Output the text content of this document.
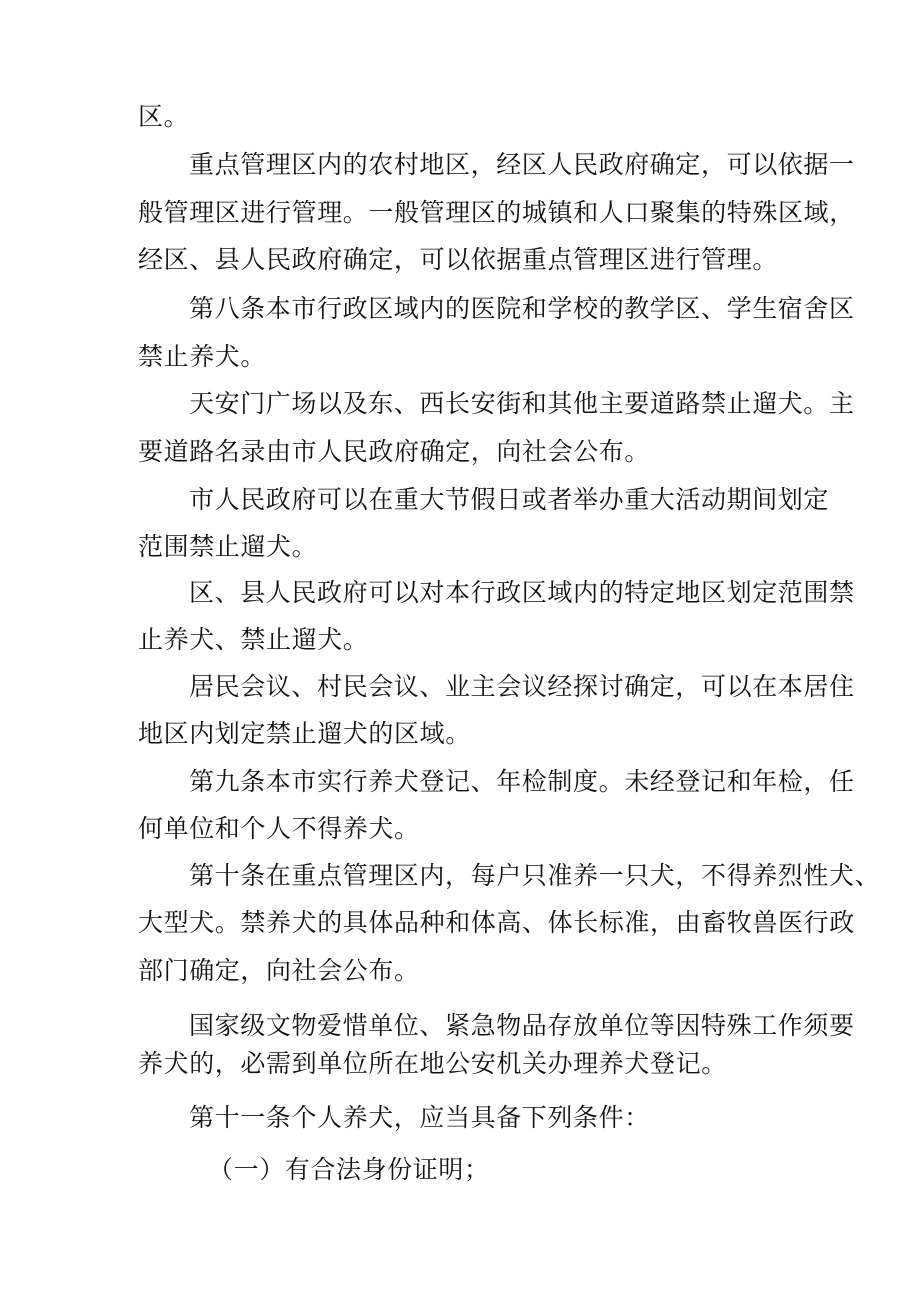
区。
重点管理区内的农村地区，经区人民政府确定，可以依据一
般管理区进行管理。一般管理区的城镇和人口聚集的特殊区域，
经区、县人民政府确定，可以依据重点管理区进行管理。
第八条本市行政区域内的医院和学校的教学区、学生宿舍区
禁止养犬。
天安门广场以及东、西长安街和其他主要道路禁止遛犬。主
要道路名录由市人民政府确定，向社会公布。
市人民政府可以在重大节假日或者举办重大活动期间划定
范围禁止遛犬。
区、县人民政府可以对本行政区域内的特定地区划定范围禁
止养犬、禁止遛犬。
居民会议、村民会议、业主会议经探讨确定，可以在本居住
地区内划定禁止遛犬的区域。
第九条本市实行养犬登记、年检制度。未经登记和年检，任
何单位和个人不得养犬。
第十条在重点管理区内，每户只准养一只犬，不得养烈性犬、
大型犬。禁养犬的具体品种和体高、体长标准，由畜牧兽医行政
部门确定，向社会公布。
国家级文物爱惜单位、紧急物品存放单位等因特殊工作须要
养犬的，必需到单位所在地公安机关办理养犬登记。
第十一条个人养犬，应当具备下列条件：
（一）有合法身份证明；
